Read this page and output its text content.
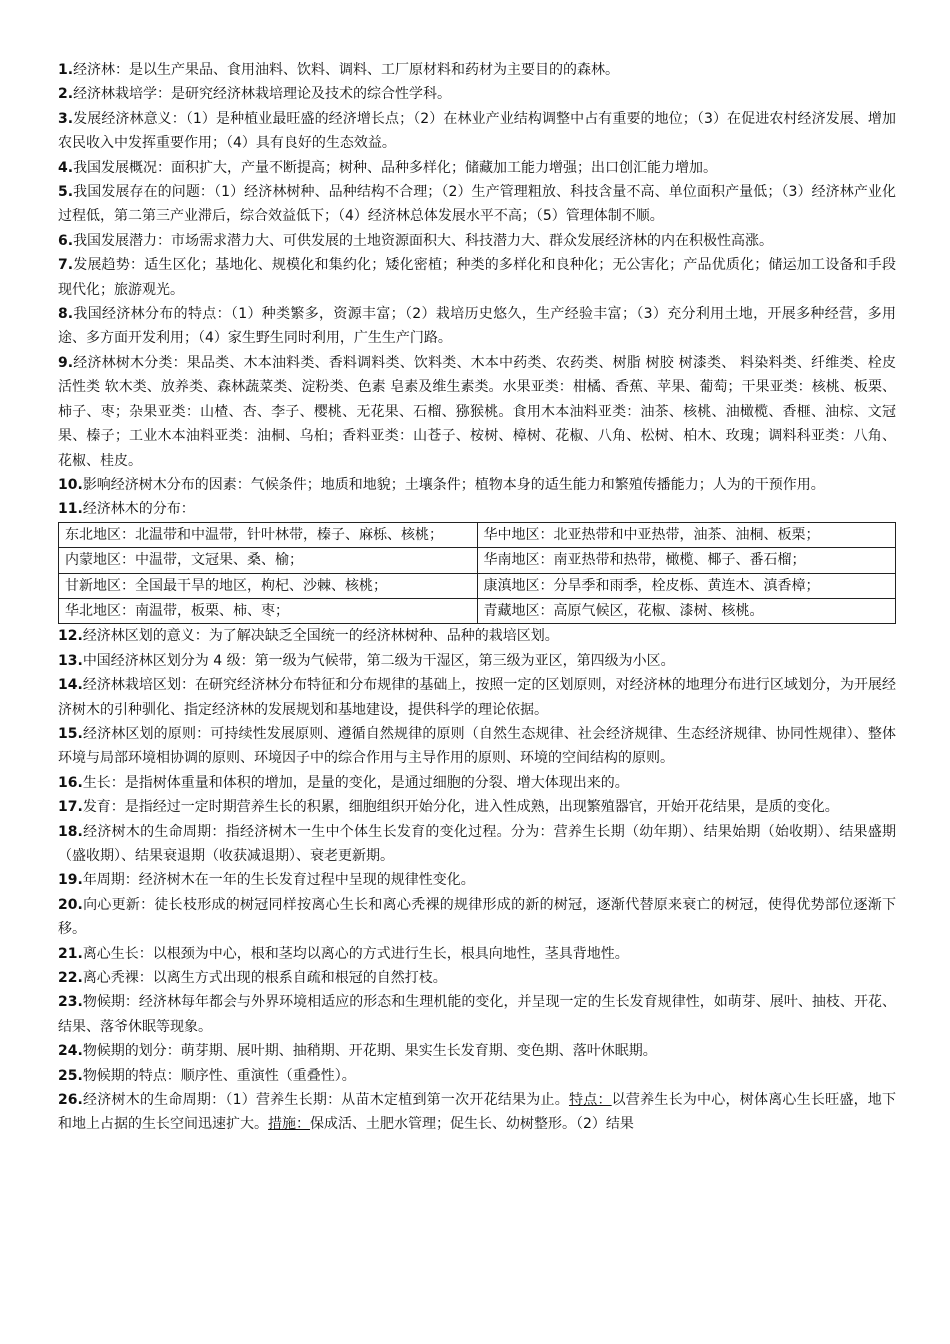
1.经济林：是以生产果品、食用油料、饮料、调料、工厂原材料和药材为主要目的的森林。

2.经济林栽培学：是研究经济林栽培理论及技术的综合性学科。

3.发展经济林意义：（1）是种植业最旺盛的经济增长点；（2）在林业产业结构调整中占有重要的地位；（3）在促进农村经济发展、增加农民收入中发挥重要作用；（4）具有良好的生态效益。

4.我国发展概况：面积扩大，产量不断提高；树种、品种多样化；储藏加工能力增强；出口创汇能力增加。

5.我国发展存在的问题：（1）经济林树种、品种结构不合理；（2）生产管理粗放、科技含量不高、单位面积产量低；（3）经济林产业化过程低，第二第三产业滞后，综合效益低下；（4）经济林总体发展水平不高；（5）管理体制不顺。

6.我国发展潜力：市场需求潜力大、可供发展的土地资源面积大、科技潜力大、群众发展经济林的内在积极性高涨。

7.发展趋势：适生区化；基地化、规模化和集约化；矮化密植；种类的多样化和良种化；无公害化；产品优质化；储运加工设备和手段现代化；旅游观光。

8.我国经济林分布的特点：（1）种类繁多，资源丰富；（2）栽培历史悠久，生产经验丰富；（3）充分利用土地，开展多种经营，多用途、多方面开发利用；（4）家生野生同时利用，广生生产门路。

9.经济林树木分类：果品类、木本油料类、香料调料类、饮料类、木本中药类、农药类、树脂 树胶 树漆类、 料染料类、纤维类、栓皮 活性类 软木类、放养类、森林蔬菜类、淀粉类、色素 皂素及维生素类。水果亚类：柑橘、香蕉、苹果、葡萄；干果亚类：核桃、板栗、柿子、枣；杂果亚类：山楂、杏、李子、樱桃、无花果、石榴、猕猴桃。食用木本油料亚类：油茶、核桃、油橄榄、香榧、油棕、文冠果、榛子；工业木本油料亚类：油桐、乌桕；香料亚类：山苍子、桉树、樟树、花椒、八角、松树、柏木、玫瑰；调料科亚类：八角、花椒、桂皮。

10.影响经济树木分布的因素：气候条件；地质和地貌；土壤条件；植物本身的适生能力和繁殖传播能力；人为的干预作用。

11.经济林木的分布：

东北地区：北温带和中温带，针叶林带，榛子、麻栎、核桃；	华中地区：北亚热带和中亚热带，油茶、油桐、板栗；
内蒙地区：中温带，文冠果、桑、榆；	华南地区：南亚热带和热带，橄榄、椰子、番石榴；
甘新地区：全国最干旱的地区，枸杞、沙棘、核桃；	康滇地区：分旱季和雨季，栓皮栎、黄连木、滇香樟；
华北地区：南温带，板栗、柿、枣；	青藏地区：高原气候区，花椒、漆树、核桃。

12.经济林区划的意义：为了解决缺乏全国统一的经济林树种、品种的栽培区划。

13.中国经济林区划分为 4 级：第一级为气候带，第二级为干湿区，第三级为亚区，第四级为小区。

14.经济林栽培区划：在研究经济林分布特征和分布规律的基础上，按照一定的区划原则，对经济林的地理分布进行区域划分，为开展经济树木的引种驯化、指定经济林的发展规划和基地建设，提供科学的理论依据。

15.经济林区划的原则：可持续性发展原则、遵循自然规律的原则（自然生态规律、社会经济规律、生态经济规律、协同性规律）、整体环境与局部环境相协调的原则、环境因子中的综合作用与主导作用的原则、环境的空间结构的原则。

16.生长：是指树体重量和体积的增加，是量的变化，是通过细胞的分裂、增大体现出来的。

17.发育：是指经过一定时期营养生长的积累，细胞组织开始分化，进入性成熟，出现繁殖器官，开始开花结果，是质的变化。

18.经济树木的生命周期：指经济树木一生中个体生长发育的变化过程。分为：营养生长期（幼年期）、结果始期（始收期）、结果盛期（盛收期）、结果衰退期（收获减退期）、衰老更新期。

19.年周期：经济树木在一年的生长发育过程中呈现的规律性变化。

20.向心更新：徒长枝形成的树冠同样按离心生长和离心秃裸的规律形成的新的树冠，逐渐代替原来衰亡的树冠，使得优势部位逐渐下移。

21.离心生长：以根颈为中心，根和茎均以离心的方式进行生长，根具向地性，茎具背地性。

22.离心秃裸：以离生方式出现的根系自疏和根冠的自然打枝。

23.物候期：经济林每年都会与外界环境相适应的形态和生理机能的变化，并呈现一定的生长发育规律性，如萌芽、展叶、抽枝、开花、结果、落爷休眠等现象。

24.物候期的划分：萌芽期、展叶期、抽稍期、开花期、果实生长发育期、变色期、落叶休眠期。

25.物候期的特点：顺序性、重演性（重叠性）。

26.经济树木的生命周期：（1）营养生长期：从苗木定植到第一次开花结果为止。特点：以营养生长为中心，树体离心生长旺盛，地下和地上占据的生长空间迅速扩大。措施：保成活、土肥水管理；促生长、幼树整形。（2）结果
